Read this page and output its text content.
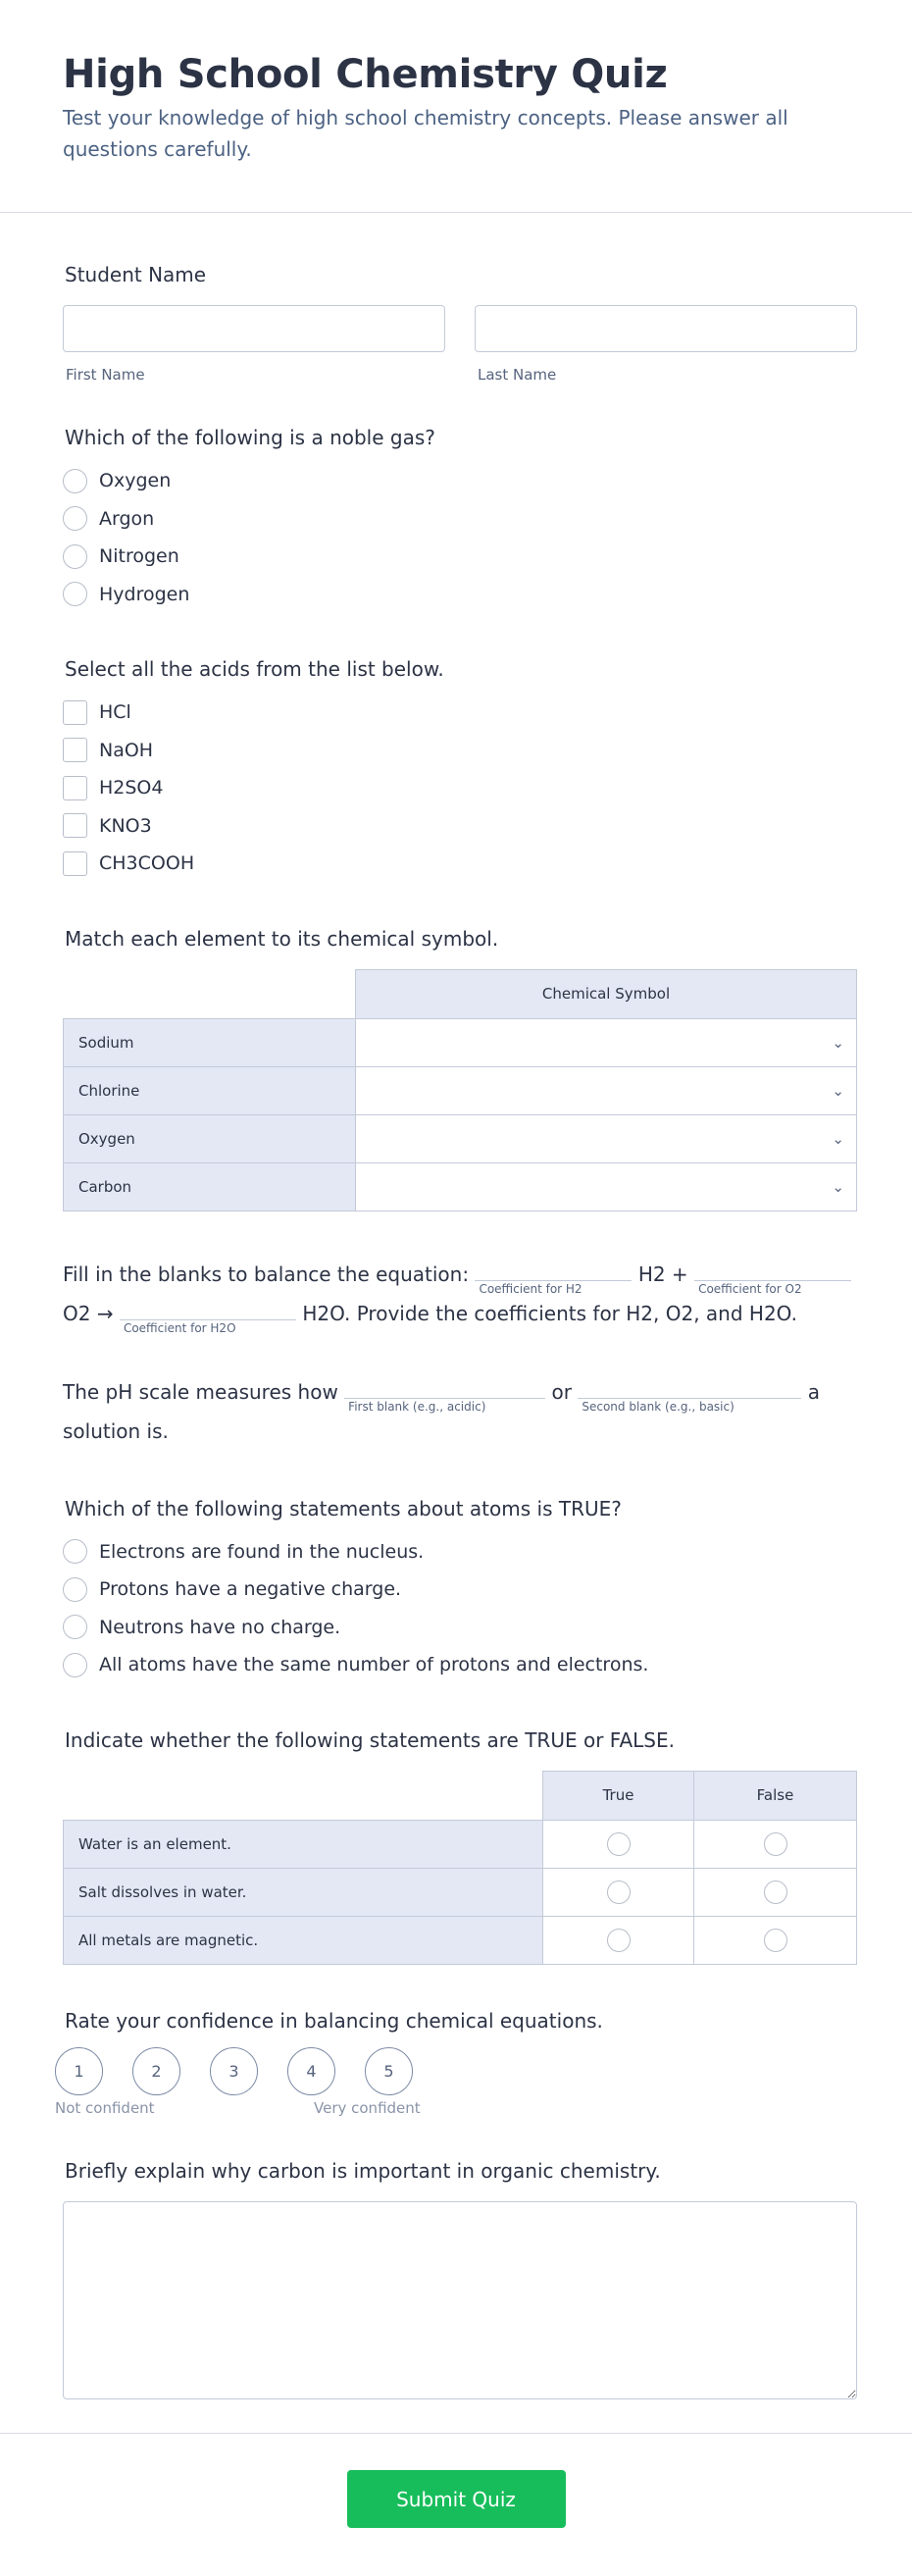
High School Chemistry Quiz

Test your knowledge of high school chemistry concepts. Please answer all questions carefully.

Student Name
First Name	Last Name
Which of the following is a noble gas?
Oxygen
Argon
Nitrogen
Hydrogen
Select all the acids from the list below.
HCl
NaOH
H2SO4
KNO3
CH3COOH
Match each element to its chemical symbol.
	Chemical Symbol
Sodium	⌄

Chlorine	⌄

Oxygen	⌄

Carbon	⌄
Fill in the blanks to balance the equation:
Coefficient for H2
H2 +
Coefficient for O2
O2 →
Coefficient for H2O
H2O. Provide the coefficients for H2, O2, and H2O.
The pH scale measures how
First blank (e.g., acidic)
or
Second blank (e.g., basic)
a solution is.
Which of the following statements about atoms is TRUE?
Electrons are found in the nucleus.
Protons have a negative charge.
Neutrons have no charge.
All atoms have the same number of protons and electrons.
Indicate whether the following statements are TRUE or FALSE.
	True	False
Water is an element.	

Salt dissolves in water.	

All metals are magnetic.	

Rate your confidence in balancing chemical equations.
1	2	3	4	5
Not confident	Very confident
Briefly explain why carbon is important in organic chemistry.
Submit Quiz
